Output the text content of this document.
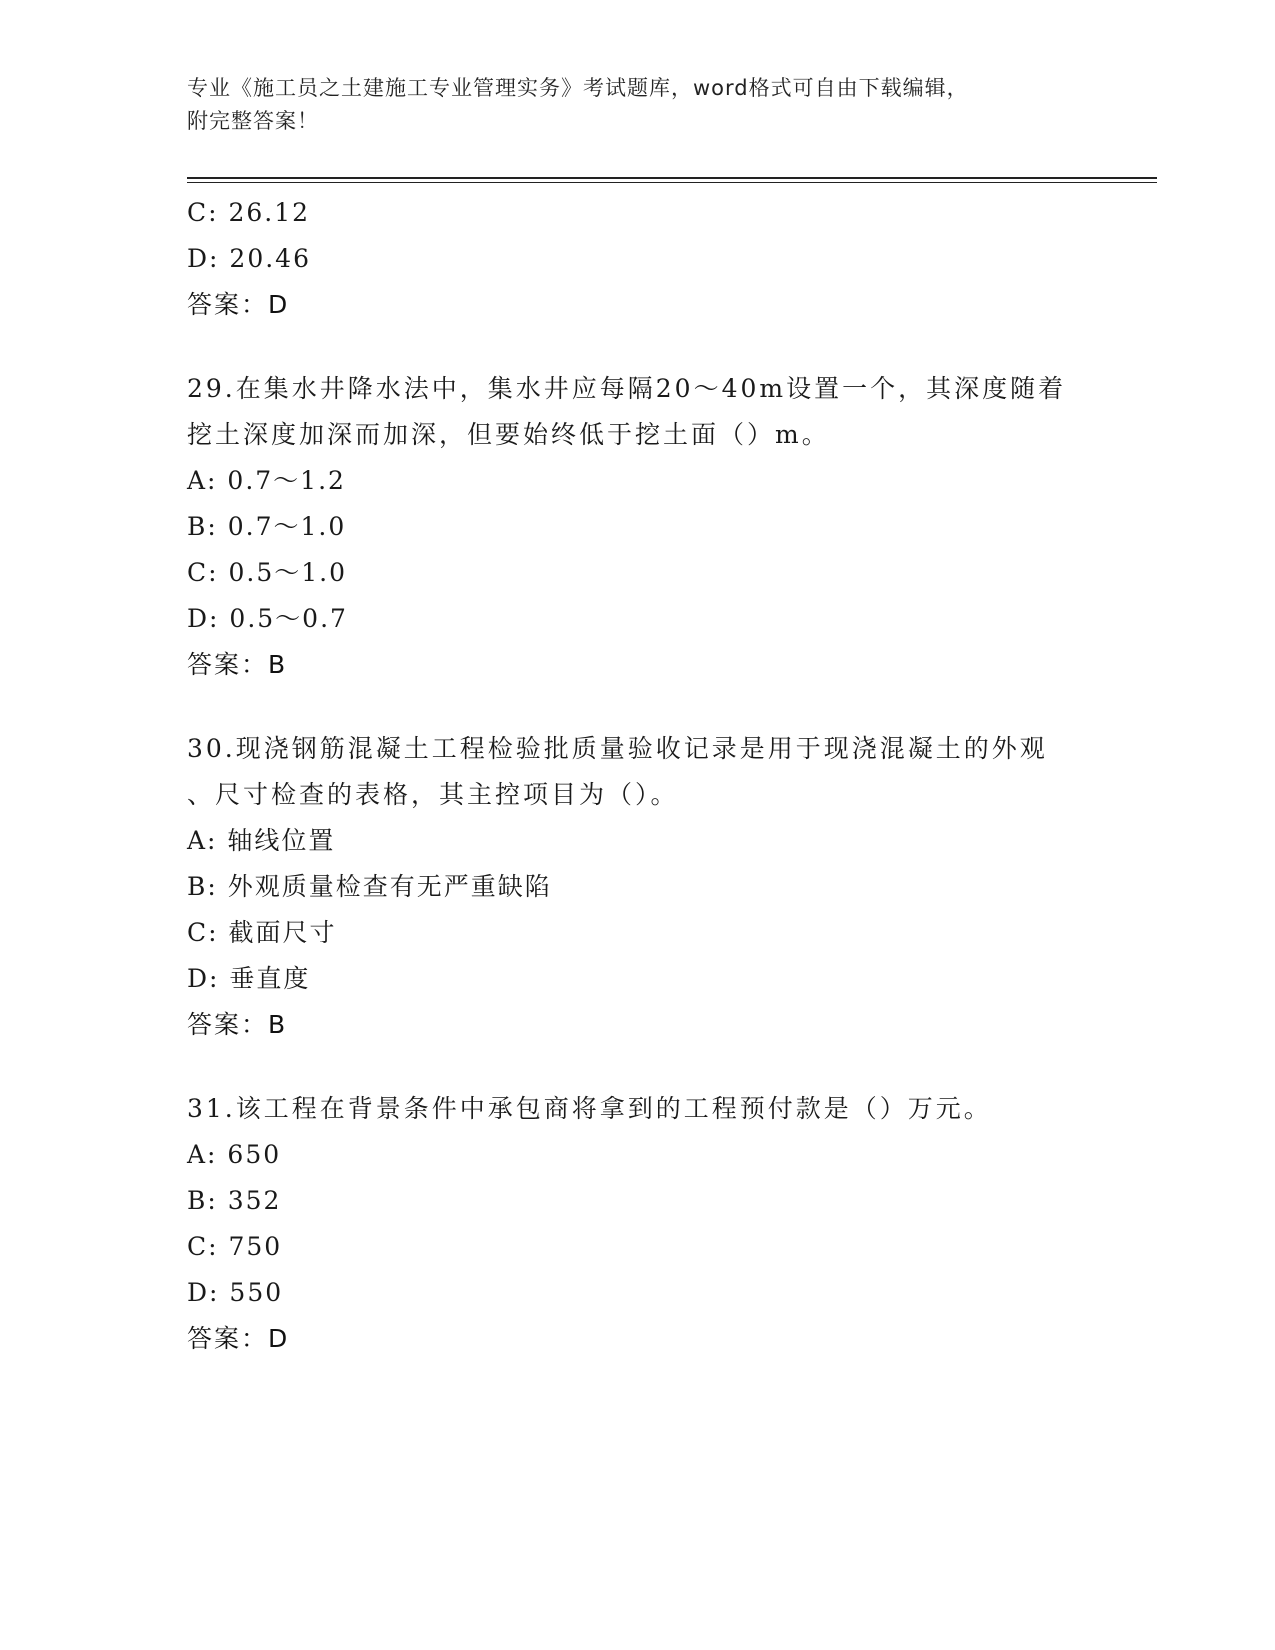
专业《施工员之土建施工专业管理实务》考试题库，word格式可自由下载编辑，
附完整答案！

C: 26.12

D: 20.46

答案：D

29.在集水井降水法中，集水井应每隔20～40m设置一个，其深度随着

挖土深度加深而加深，但要始终低于挖土面（）m。

A: 0.7～1.2

B: 0.7～1.0

C: 0.5～1.0

D: 0.5～0.7

答案：B

30.现浇钢筋混凝土工程检验批质量验收记录是用于现浇混凝土的外观

、尺寸检查的表格，其主控项目为（）。

A: 轴线位置

B: 外观质量检查有无严重缺陷

C: 截面尺寸

D: 垂直度

答案：B

31.该工程在背景条件中承包商将拿到的工程预付款是（）万元。

A: 650

B: 352

C: 750

D: 550

答案：D
